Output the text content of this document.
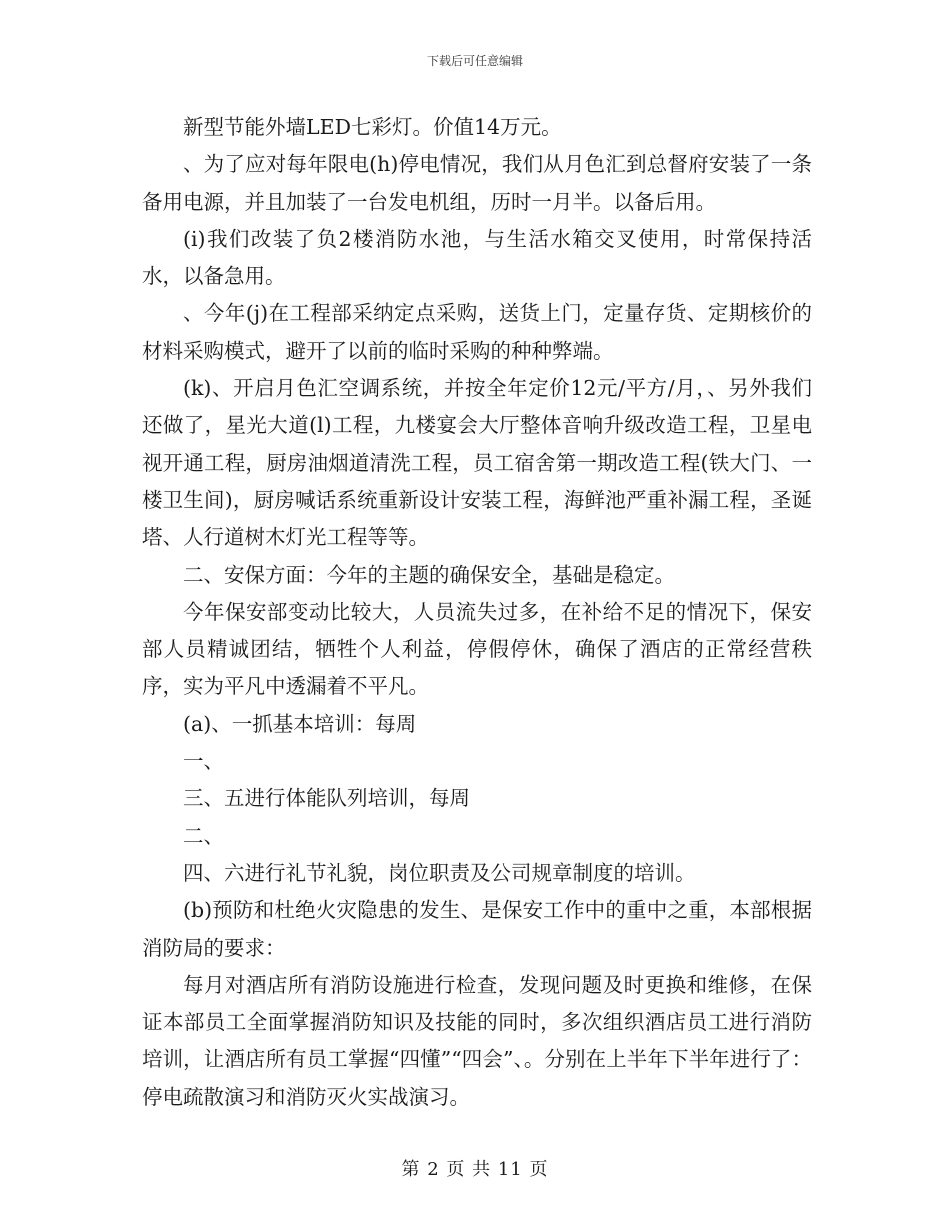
下载后可任意编辑

新型节能外墙LED七彩灯。价值14万元。

、为了应对每年限电(h)停电情况，我们从月色汇到总督府安装了一条备用电源，并且加装了一台发电机组，历时一月半。以备后用。

(i)我们改装了负2楼消防水池，与生活水箱交叉使用，时常保持活水，以备急用。

、今年(j)在工程部采纳定点采购，送货上门，定量存货、定期核价的材料采购模式，避开了以前的临时采购的种种弊端。

(k)、开启月色汇空调系统，并按全年定价12元/平方/月，、另外我们还做了，星光大道(l)工程，九楼宴会大厅整体音响升级改造工程，卫星电视开通工程，厨房油烟道清洗工程，员工宿舍第一期改造工程(铁大门、一楼卫生间)，厨房喊话系统重新设计安装工程，海鲜池严重补漏工程，圣诞塔、人行道树木灯光工程等等。

二、安保方面：今年的主题的确保安全，基础是稳定。

今年保安部变动比较大，人员流失过多，在补给不足的情况下，保安部人员精诚团结，牺牲个人利益，停假停休，确保了酒店的正常经营秩序，实为平凡中透漏着不平凡。

(a)、一抓基本培训：每周

一、

三、五进行体能队列培训，每周

二、

四、六进行礼节礼貌，岗位职责及公司规章制度的培训。

(b)预防和杜绝火灾隐患的发生、是保安工作中的重中之重，本部根据消防局的要求：

每月对酒店所有消防设施进行检查，发现问题及时更换和维修，在保证本部员工全面掌握消防知识及技能的同时，多次组织酒店员工进行消防培训，让酒店所有员工掌握“四懂”“四会”、。分别在上半年下半年进行了：停电疏散演习和消防灭火实战演习。

第 2 页 共 11 页
